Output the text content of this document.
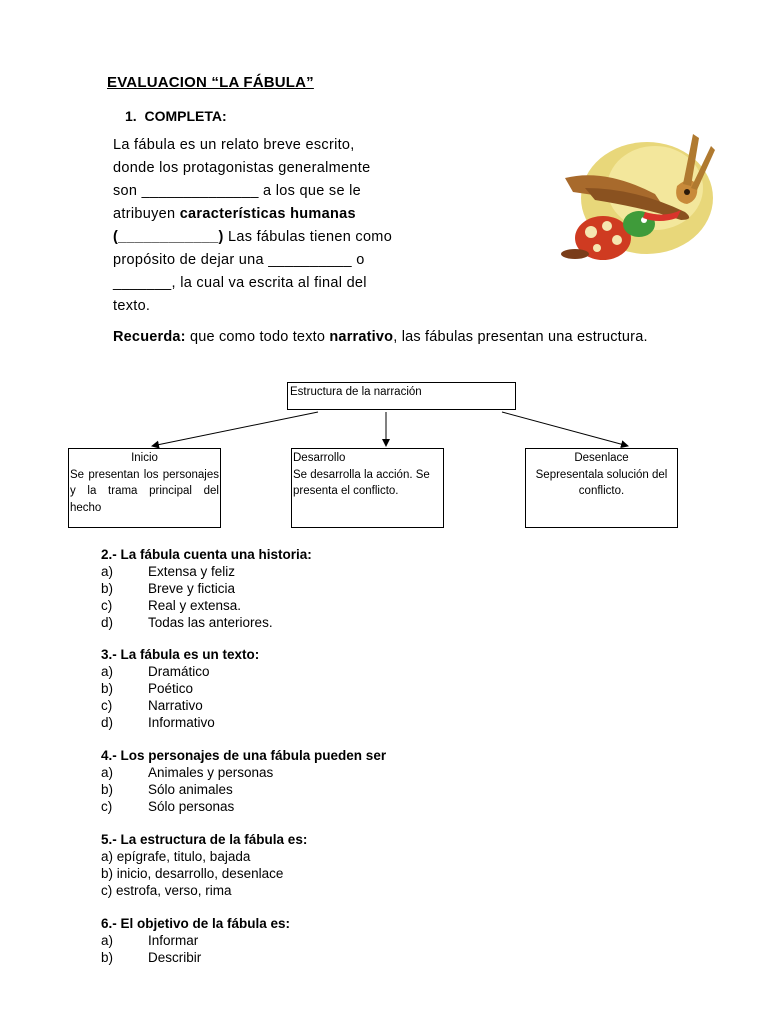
EVALUACION “LA FÁBULA”
1. COMPLETA:
La fábula es un relato breve escrito,
donde los protagonistas generalmente
son ______________ a los que se le
atribuyen características humanas
(____________) Las fábulas tienen como
propósito de dejar una __________ o
_______, la cual va escrita al final del
texto.
Recuerda: que como todo texto narrativo, las fábulas presentan una estructura.
Estructura de la narración
Inicio
Se presentan los personajes y la trama principal del hecho
Desarrollo
Se desarrolla la acción. Se presenta el conflicto.
Desenlace
Sepresentala solución del conflicto.
2.- La fábula cuenta una historia:
a)	Extensa y feliz
b)	Breve y ficticia
c)	Real y extensa.
d)	Todas las anteriores.
3.- La fábula es un texto:
a)	Dramático
b)	Poético
c)	Narrativo
d)	Informativo
4.- Los personajes de una fábula pueden ser
a)	Animales y personas
b)	Sólo animales
c)	Sólo personas
5.- La estructura de la fábula es:
a) epígrafe, titulo, bajada
b) inicio, desarrollo, desenlace
c) estrofa, verso, rima
6.- El objetivo de la fábula es:
a)	Informar
b)	Describir
